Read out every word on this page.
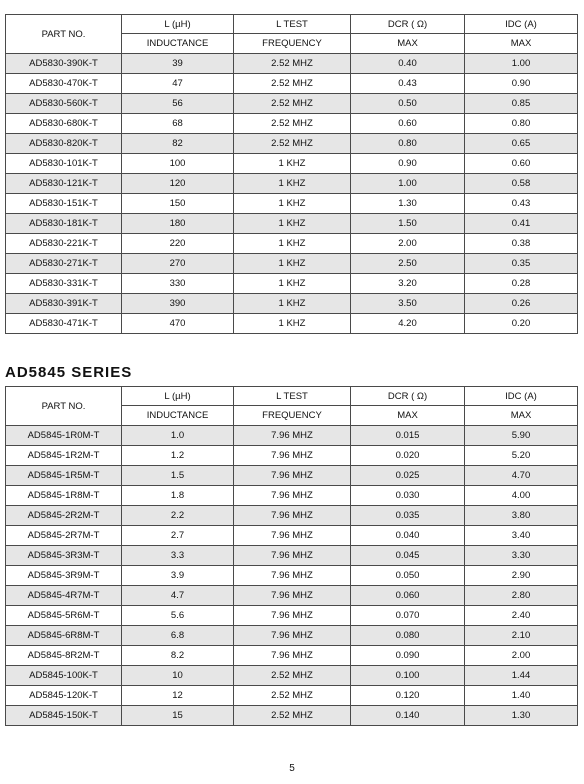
PART NO.	L (µH)	L TEST	DCR ( Ω)	IDC (A)
	INDUCTANCE	FREQUENCY	MAX	MAX
AD5830-390K-T	39	2.52 MHZ	0.40	1.00
AD5830-470K-T	47	2.52 MHZ	0.43	0.90
AD5830-560K-T	56	2.52 MHZ	0.50	0.85
AD5830-680K-T	68	2.52 MHZ	0.60	0.80
AD5830-820K-T	82	2.52 MHZ	0.80	0.65
AD5830-101K-T	100	1 KHZ	0.90	0.60
AD5830-121K-T	120	1 KHZ	1.00	0.58
AD5830-151K-T	150	1 KHZ	1.30	0.43
AD5830-181K-T	180	1 KHZ	1.50	0.41
AD5830-221K-T	220	1 KHZ	2.00	0.38
AD5830-271K-T	270	1 KHZ	2.50	0.35
AD5830-331K-T	330	1 KHZ	3.20	0.28
AD5830-391K-T	390	1 KHZ	3.50	0.26
AD5830-471K-T	470	1 KHZ	4.20	0.20
AD5845 SERIES
PART NO.	L (µH)	L TEST	DCR ( Ω)	IDC (A)
	INDUCTANCE	FREQUENCY	MAX	MAX
AD5845-1R0M-T	1.0	7.96 MHZ	0.015	5.90
AD5845-1R2M-T	1.2	7.96 MHZ	0.020	5.20
AD5845-1R5M-T	1.5	7.96 MHZ	0.025	4.70
AD5845-1R8M-T	1.8	7.96 MHZ	0.030	4.00
AD5845-2R2M-T	2.2	7.96 MHZ	0.035	3.80
AD5845-2R7M-T	2.7	7.96 MHZ	0.040	3.40
AD5845-3R3M-T	3.3	7.96 MHZ	0.045	3.30
AD5845-3R9M-T	3.9	7.96 MHZ	0.050	2.90
AD5845-4R7M-T	4.7	7.96 MHZ	0.060	2.80
AD5845-5R6M-T	5.6	7.96 MHZ	0.070	2.40
AD5845-6R8M-T	6.8	7.96 MHZ	0.080	2.10
AD5845-8R2M-T	8.2	7.96 MHZ	0.090	2.00
AD5845-100K-T	10	2.52 MHZ	0.100	1.44
AD5845-120K-T	12	2.52 MHZ	0.120	1.40
AD5845-150K-T	15	2.52 MHZ	0.140	1.30
5
